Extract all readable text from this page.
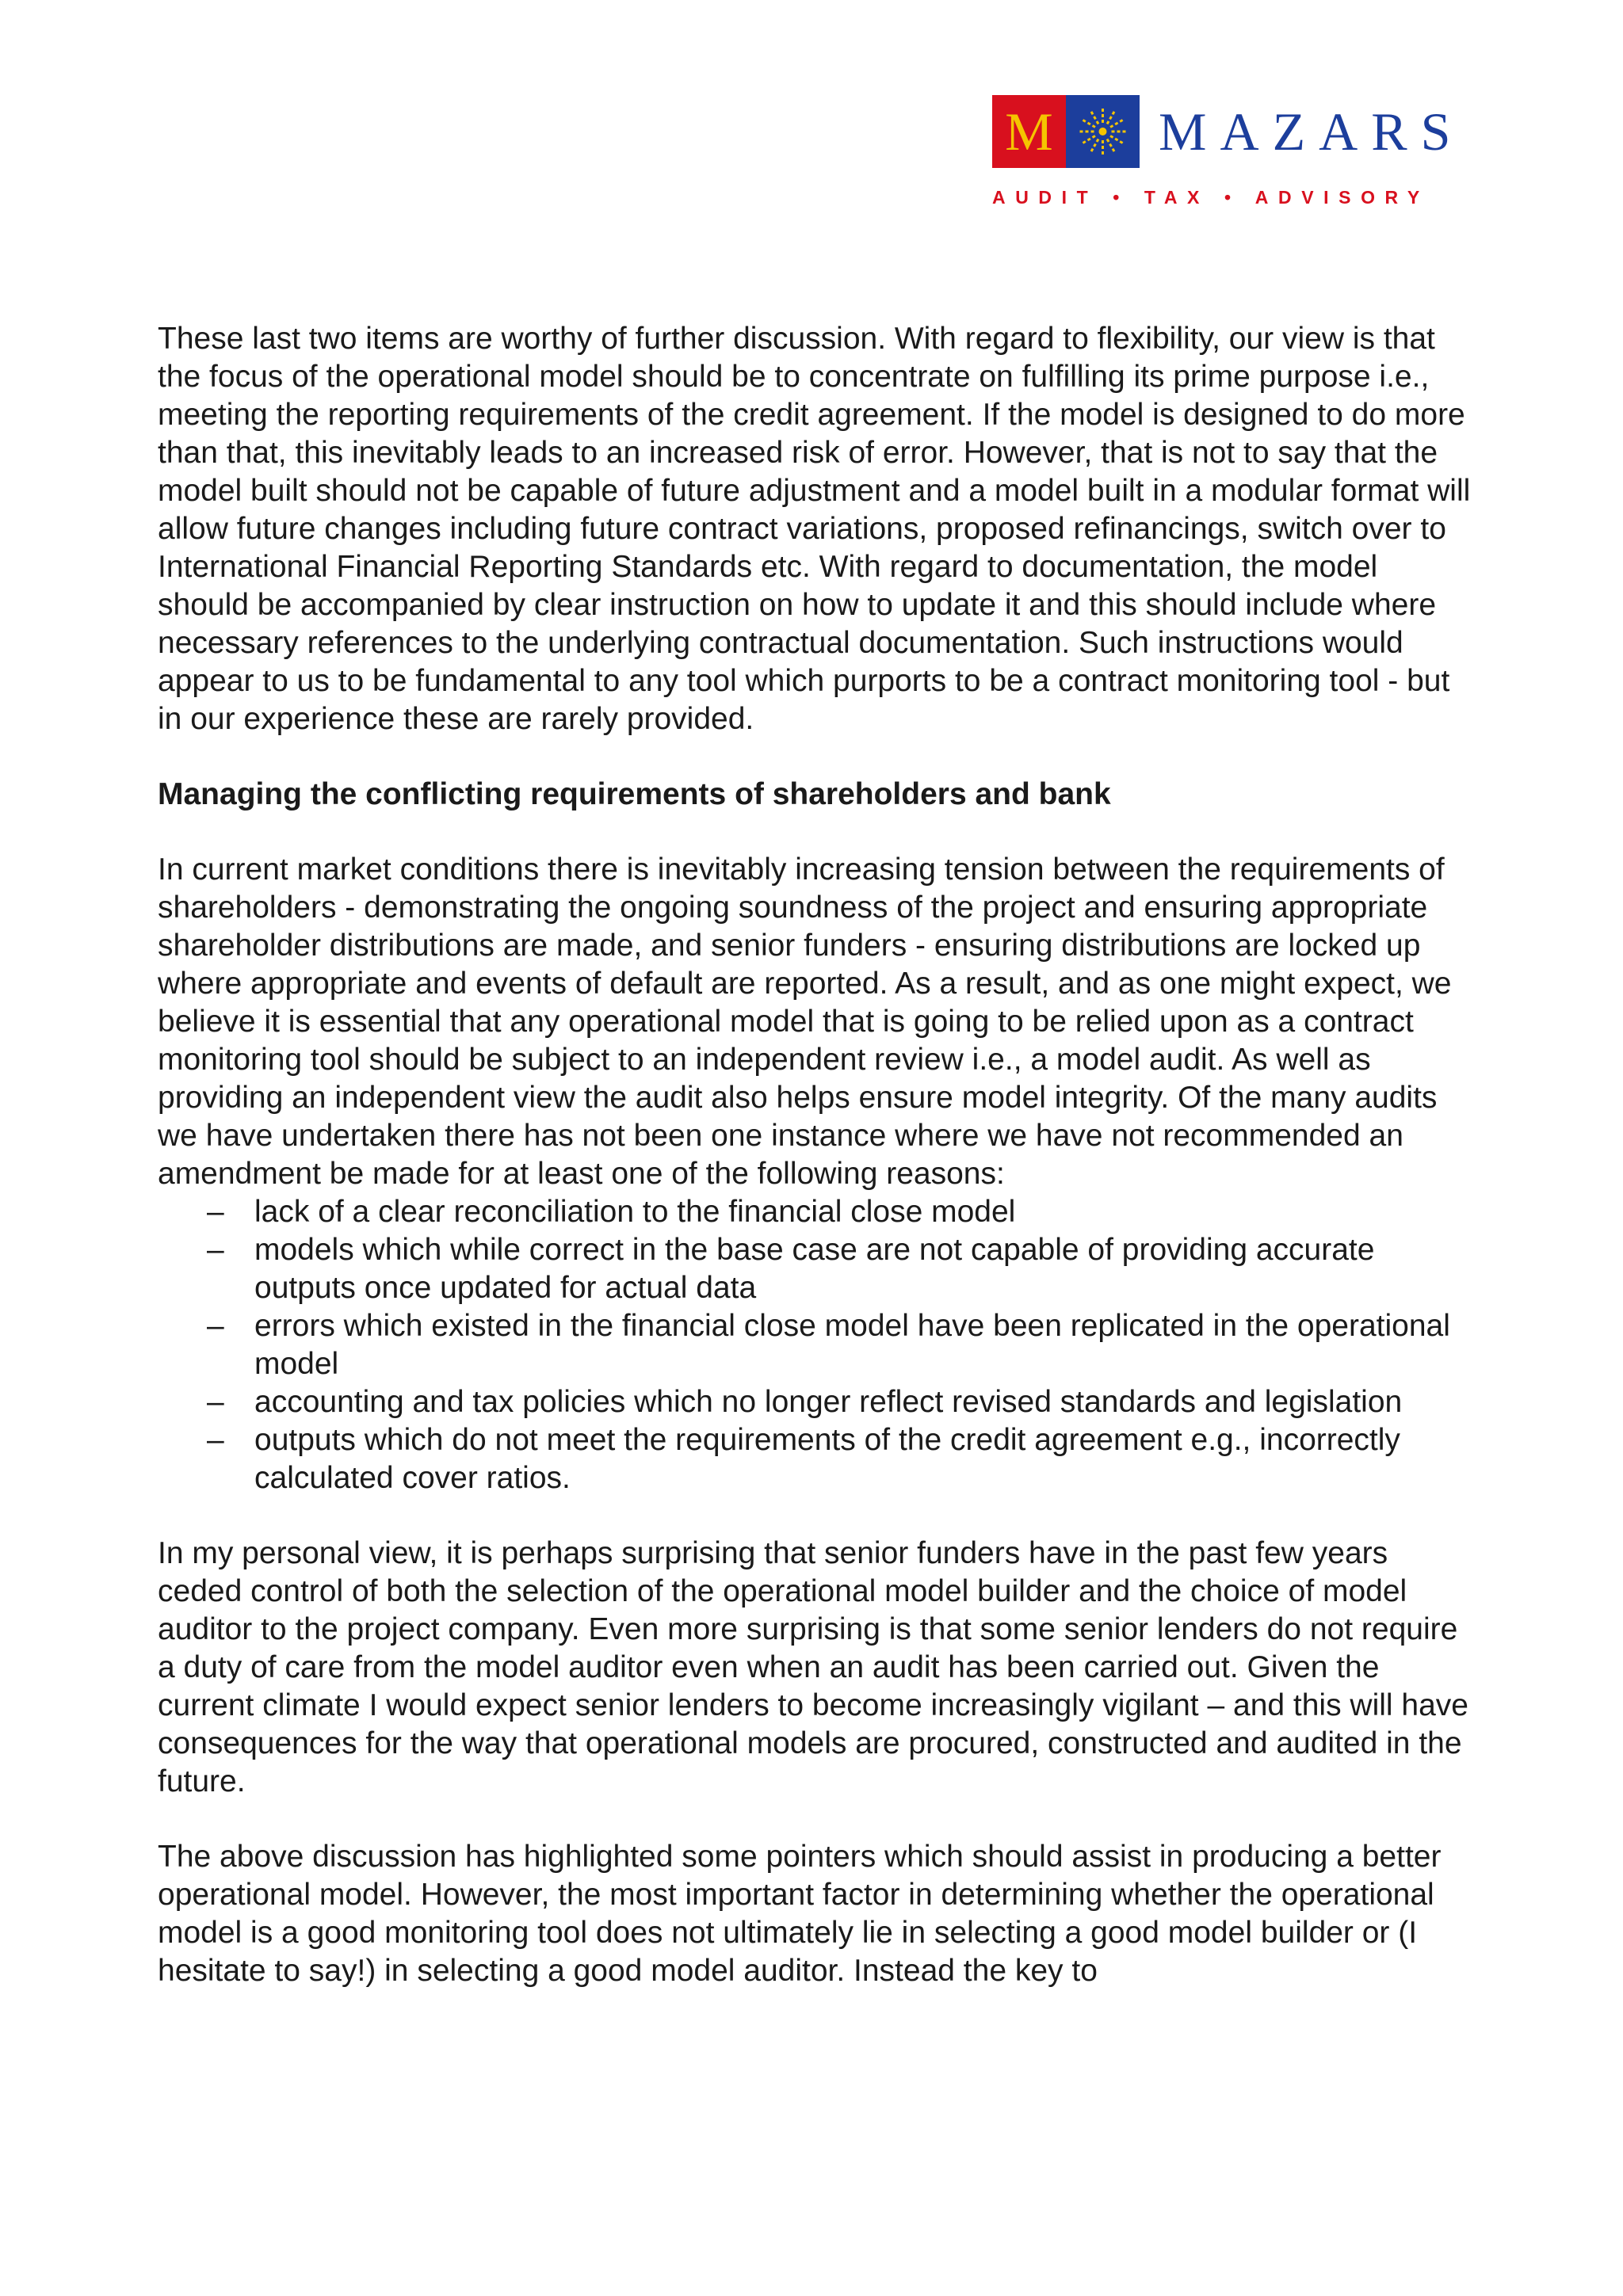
M MAZARS
AUDIT • TAX • ADVISORY

These last two items are worthy of further discussion. With regard to flexibility, our view is that the focus of the operational model should be to concentrate on fulfilling its prime purpose i.e., meeting the reporting requirements of the credit agreement. If the model is designed to do more than that, this inevitably leads to an increased risk of error. However, that is not to say that the model built should not be capable of future adjustment and a model built in a modular format will allow future changes including future contract variations, proposed refinancings, switch over to International Financial Reporting Standards etc. With regard to documentation, the model should be accompanied by clear instruction on how to update it and this should include where necessary references to the underlying contractual documentation. Such instructions would appear to us to be fundamental to any tool which purports to be a contract monitoring tool - but in our experience these are rarely provided.

Managing the conflicting requirements of shareholders and bank

In current market conditions there is inevitably increasing tension between the requirements of shareholders - demonstrating the ongoing soundness of the project and ensuring appropriate shareholder distributions are made, and senior funders - ensuring distributions are locked up where appropriate and events of default are reported. As a result, and as one might expect, we believe it is essential that any operational model that is going to be relied upon as a contract monitoring tool should be subject to an independent review i.e., a model audit. As well as providing an independent view the audit also helps ensure model integrity. Of the many audits we have undertaken there has not been one instance where we have not recommended an amendment be made for at least one of the following reasons:

– lack of a clear reconciliation to the financial close model
– models which while correct in the base case are not capable of providing accurate outputs once updated for actual data
– errors which existed in the financial close model have been replicated in the operational model
– accounting and tax policies which no longer reflect revised standards and legislation
– outputs which do not meet the requirements of the credit agreement e.g., incorrectly calculated cover ratios.

In my personal view, it is perhaps surprising that senior funders have in the past few years ceded control of both the selection of the operational model builder and the choice of model auditor to the project company. Even more surprising is that some senior lenders do not require a duty of care from the model auditor even when an audit has been carried out. Given the current climate I would expect senior lenders to become increasingly vigilant – and this will have consequences for the way that operational models are procured, constructed and audited in the future.

The above discussion has highlighted some pointers which should assist in producing a better operational model. However, the most important factor in determining whether the operational model is a good monitoring tool does not ultimately lie in selecting a good model builder or (I hesitate to say!) in selecting a good model auditor. Instead the key to
